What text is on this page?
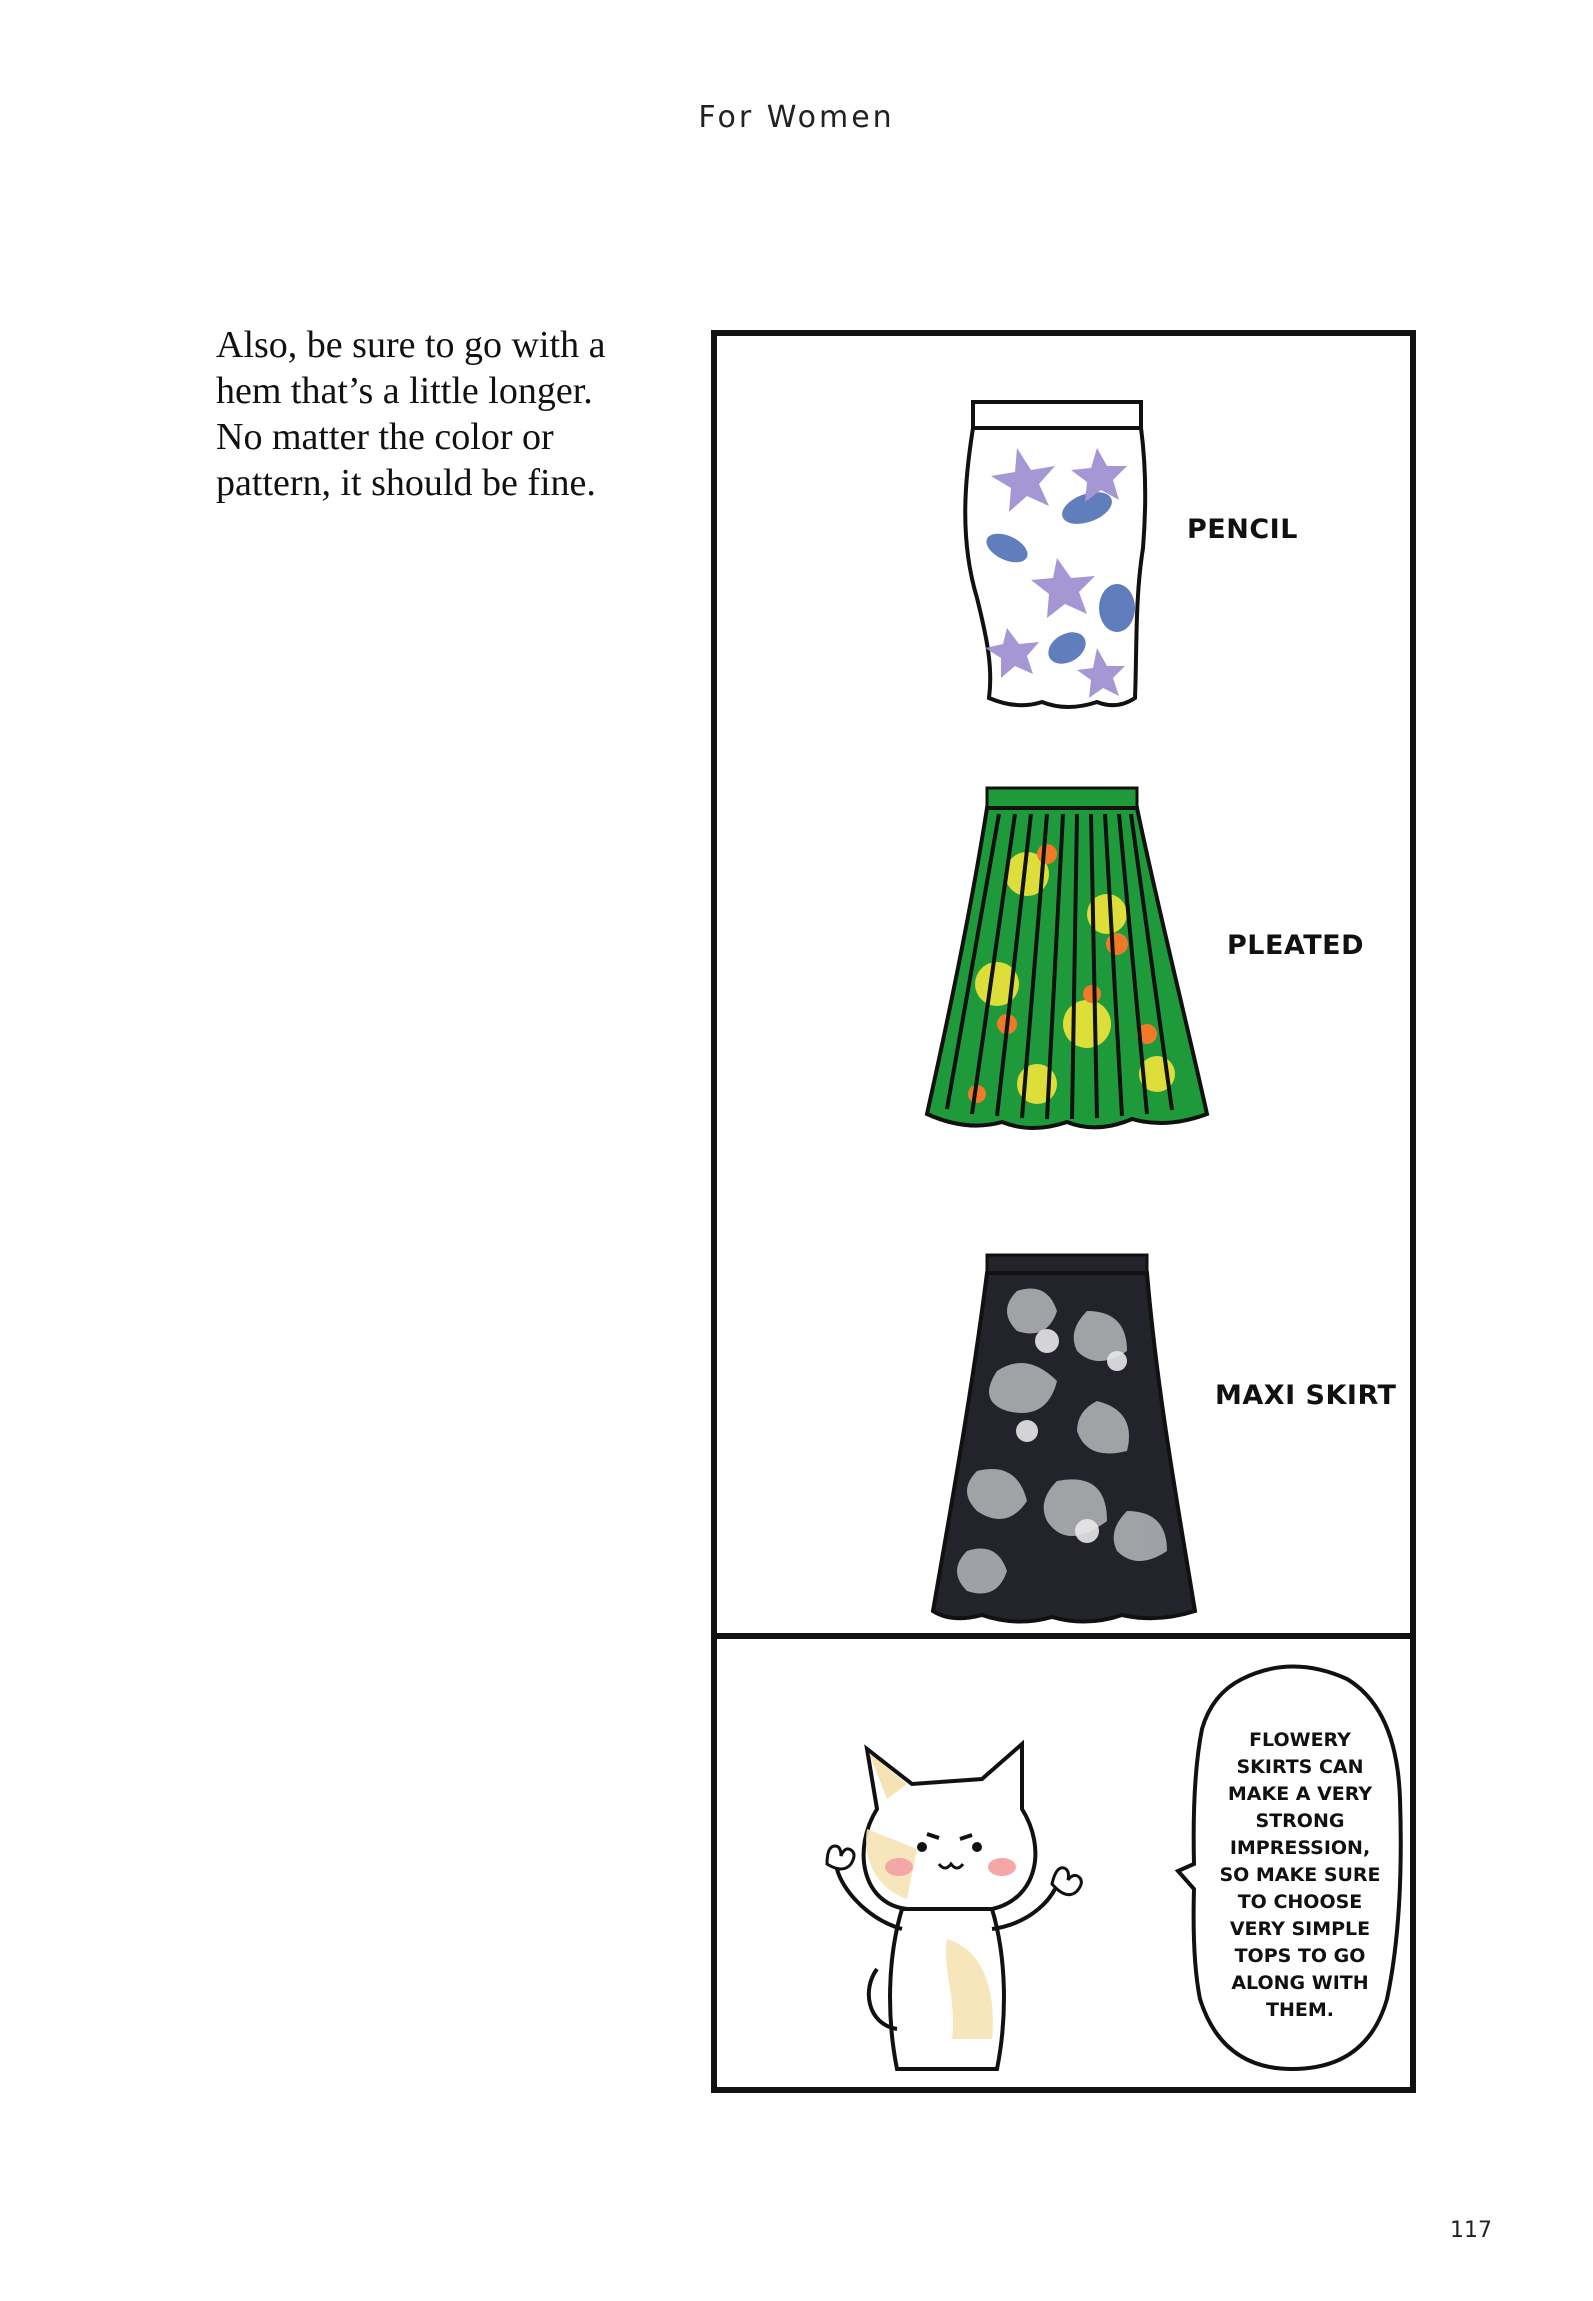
For Women
Also, be sure to go with a
hem that’s a little longer.
No matter the color or
pattern, it should be fine.
PENCIL
PLEATED
MAXI SKIRT
FLOWERY
SKIRTS CAN
MAKE A VERY
STRONG
IMPRESSION,
SO MAKE SURE
TO CHOOSE
VERY SIMPLE
TOPS TO GO
ALONG WITH
THEM.
117
